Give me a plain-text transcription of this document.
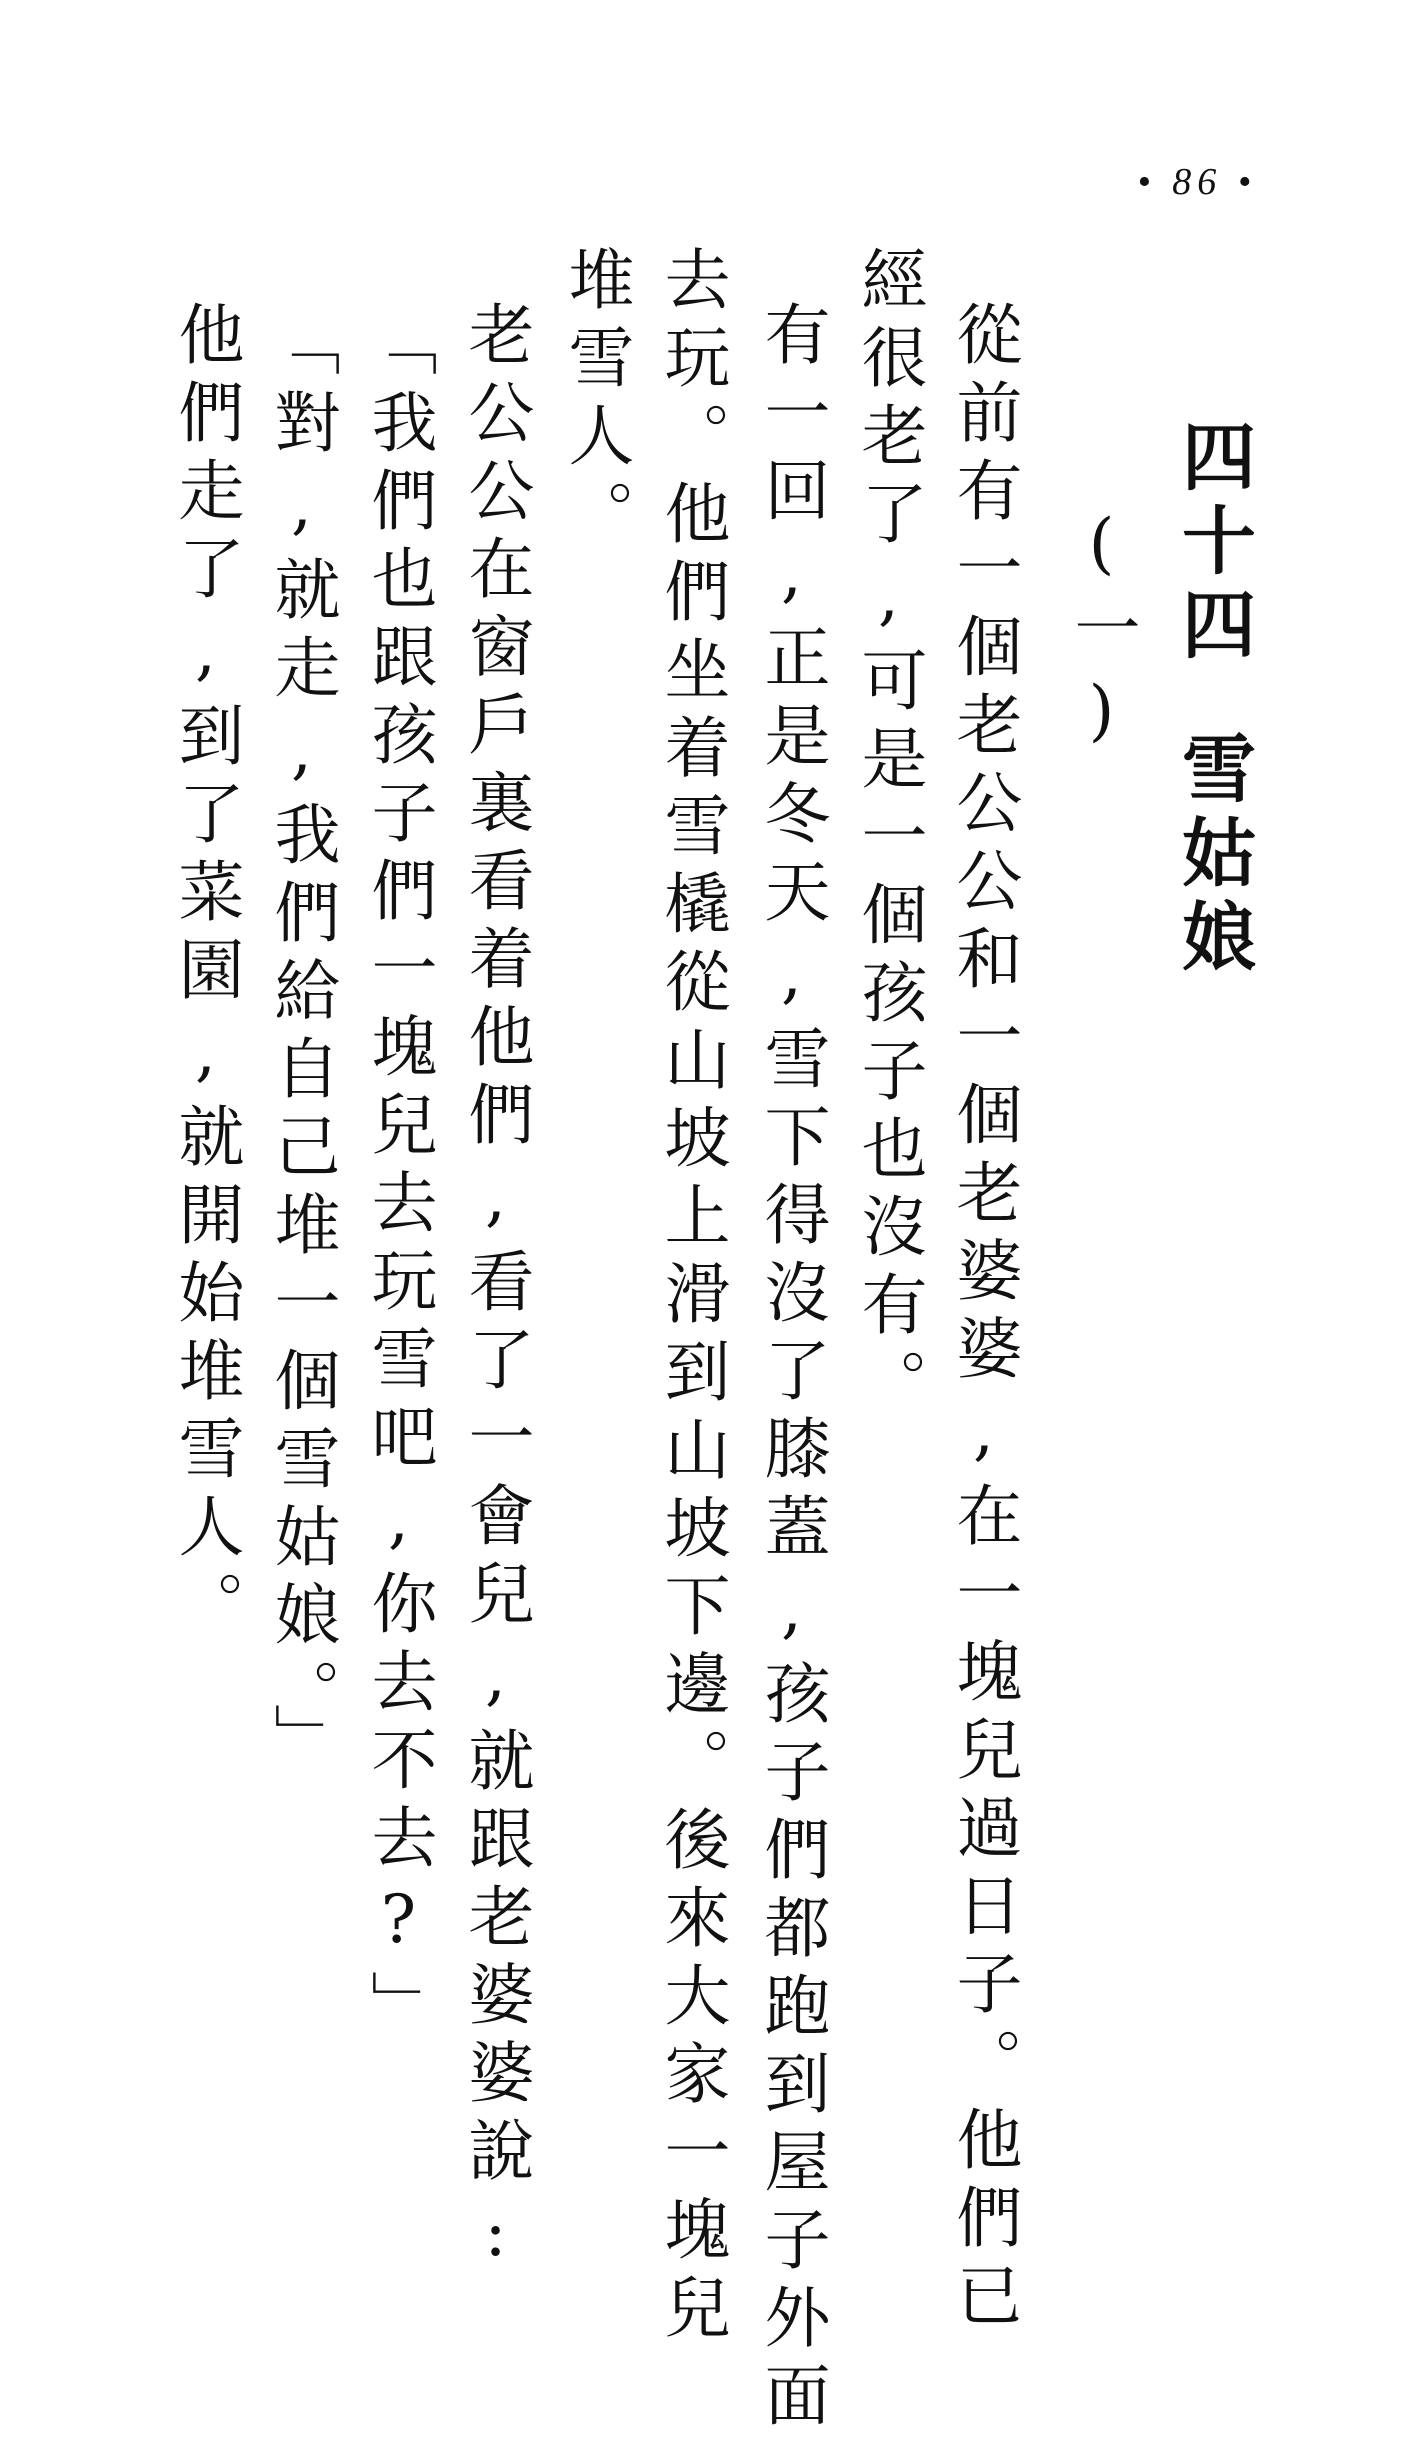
• 86 •
四十四雪姑娘
(一)
從前有一個老公公和一個老婆婆,在一塊兒過日子。他們已
經很老了,可是一個孩子也沒有。
有一回,正是冬天,雪下得沒了膝蓋,孩子們都跑到屋子外面
去玩。他們坐着雪橇從山坡上滑到山坡下邊。後來大家一塊兒
堆雪人。
老公公在窗戶裏看着他們,看了一會兒,就跟老婆婆說:
「我們也跟孩子們一塊兒去玩雪吧,你去不去?」
「對,就走,我們給自己堆一個雪姑娘。」
他們走了,到了菜園,就開始堆雪人。
